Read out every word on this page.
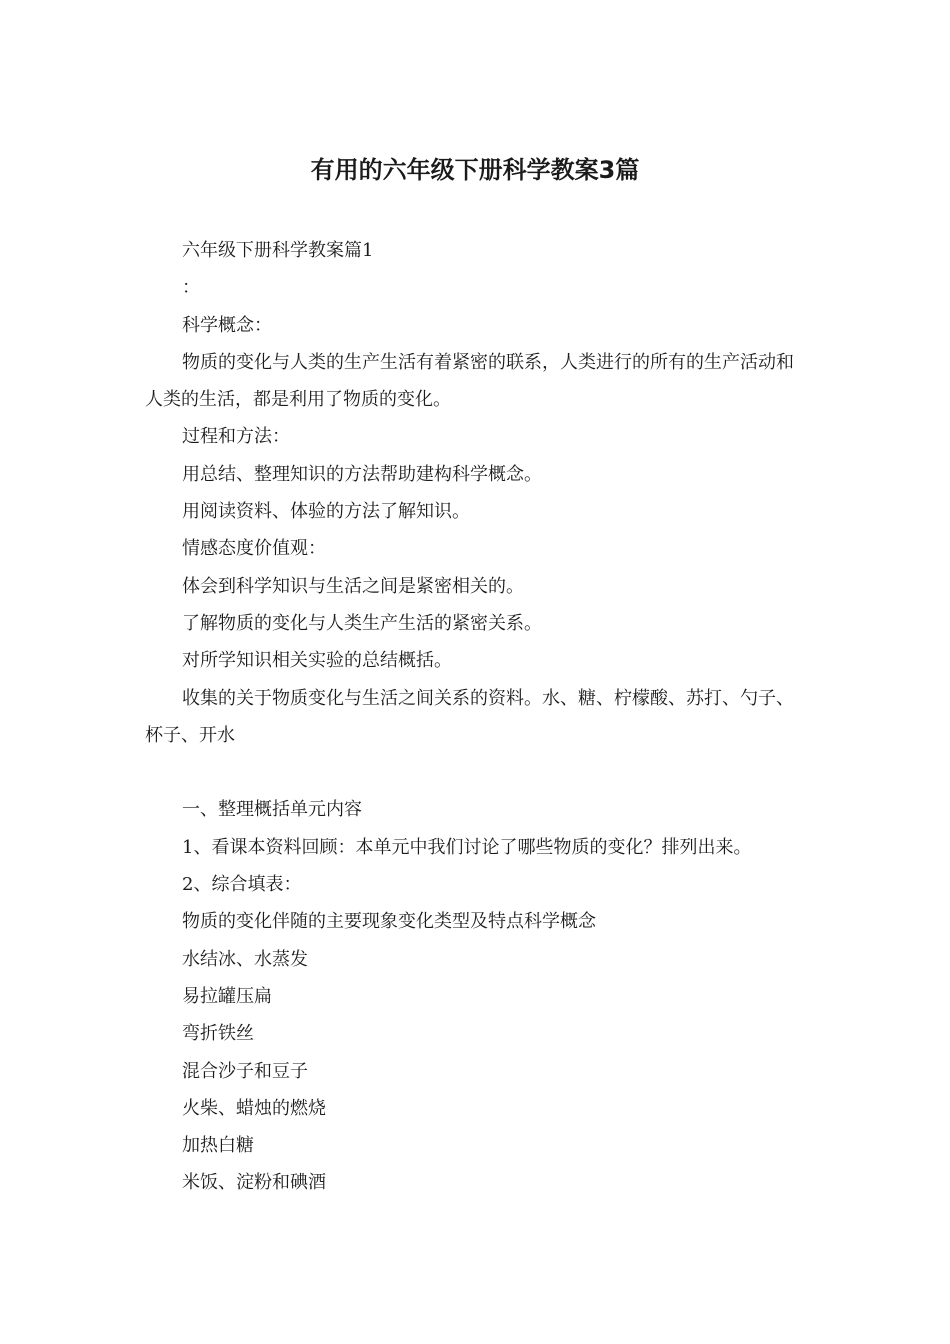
有用的六年级下册科学教案3篇

六年级下册科学教案篇1

：

科学概念：

物质的变化与人类的生产生活有着紧密的联系，人类进行的所有的生产活动和人类的生活，都是利用了物质的变化。

过程和方法：

用总结、整理知识的方法帮助建构科学概念。

用阅读资料、体验的方法了解知识。

情感态度价值观：

体会到科学知识与生活之间是紧密相关的。

了解物质的变化与人类生产生活的紧密关系。

对所学知识相关实验的总结概括。

收集的关于物质变化与生活之间关系的资料。水、糖、柠檬酸、苏打、勺子、杯子、开水

一、整理概括单元内容

1、看课本资料回顾：本单元中我们讨论了哪些物质的变化？排列出来。

2、综合填表：

物质的变化伴随的主要现象变化类型及特点科学概念

水结冰、水蒸发

易拉罐压扁

弯折铁丝

混合沙子和豆子

火柴、蜡烛的燃烧

加热白糖

米饭、淀粉和碘酒
